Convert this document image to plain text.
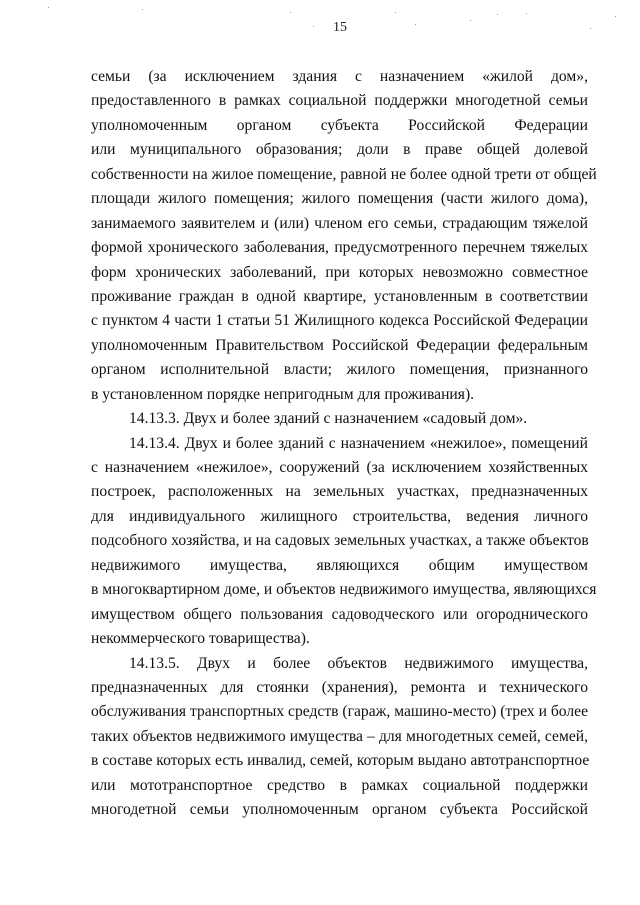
15
семьи (за исключением здания с назначением «жилой дом»,
предоставленного в рамках социальной поддержки многодетной семьи
уполномоченным органом субъекта Российской Федерации
или муниципального образования; доли в праве общей долевой
собственности на жилое помещение, равной не более одной трети от общей
площади жилого помещения; жилого помещения (части жилого дома),
занимаемого заявителем и (или) членом его семьи, страдающим тяжелой
формой хронического заболевания, предусмотренного перечнем тяжелых
форм хронических заболеваний, при которых невозможно совместное
проживание граждан в одной квартире, установленным в соответствии
с пунктом 4 части 1 статьи 51 Жилищного кодекса Российской Федерации
уполномоченным Правительством Российской Федерации федеральным
органом исполнительной власти; жилого помещения, признанного
в установленном порядке непригодным для проживания).
14.13.3. Двух и более зданий с назначением «садовый дом».
14.13.4. Двух и более зданий с назначением «нежилое», помещений
с назначением «нежилое», сооружений (за исключением хозяйственных
построек, расположенных на земельных участках, предназначенных
для индивидуального жилищного строительства, ведения личного
подсобного хозяйства, и на садовых земельных участках, а также объектов
недвижимого имущества, являющихся общим имуществом
в многоквартирном доме, и объектов недвижимого имущества, являющихся
имуществом общего пользования садоводческого или огороднического
некоммерческого товарищества).
14.13.5. Двух и более объектов недвижимого имущества,
предназначенных для стоянки (хранения), ремонта и технического
обслуживания транспортных средств (гараж, машино-место) (трех и более
таких объектов недвижимого имущества – для многодетных семей, семей,
в составе которых есть инвалид, семей, которым выдано автотранспортное
или мототранспортное средство в рамках социальной поддержки
многодетной семьи уполномоченным органом субъекта Российской
